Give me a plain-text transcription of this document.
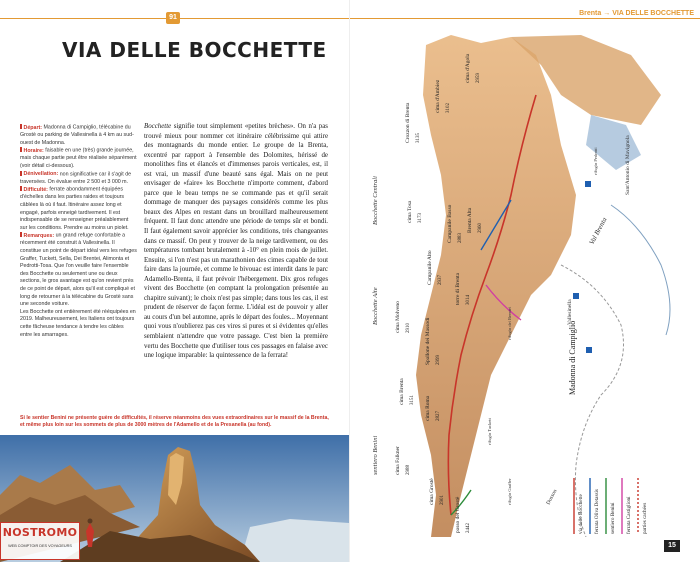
91
Brenta → VIA DELLE BOCCHETTE
VIA DELLE BOCCHETTE

Départ: Madonna di Campiglio, télécabine du Grostè ou parking de Vallesinella à 4 km au sud-ouest de Madonna.

Horaire: faisable en une (très) grande journée, mais chaque partie peut être réalisée séparément (voir détail ci-dessous).

Dénivellation: non significative car il s'agit de traversées. On évalue entre 2 500 et 3 000 m.

Difficulté: ferrate abondamment équipées d'échelles dans les parties raides et toujours câblées là où il faut. Itinéraire assez long et engagé, parfois enneigé tardivement. Il est indispensable de se renseigner préalablement sur les conditions. Prendre au moins un piolet.

Remarques: un grand refuge confortable a récemment été construit à Vallesinella. Il constitue un point de départ idéal vers les refuges Graffer, Tuckett, Sella, Dei Brentei, Alimonta et Pedrotti-Tosa. Que l'on veuille faire l'ensemble des Bocchette ou seulement une ou deux sections, le gros avantage est qu'on revient près de ce point de départ, alors qu'il est compliqué et long de retourner à la télécabine du Grostè sans une seconde voiture.

Les Bocchette ont entièrement été rééquipées en 2019. Malheureusement, les Italiens ont toujours cette fâcheuse tendance à tendre les câbles entre les amarrages.

Bocchette signifie tout simplement «petites brèches». On n'a pas trouvé mieux pour nommer cet itinéraire célébrissime qui attire des montagnards du monde entier. Le groupe de la Brenta, excentré par rapport à l'ensemble des Dolomites, hérissé de monolithes fins et élancés et d'immenses parois verticales, est, il est vrai, un massif d'une beauté sans égal. Mais on ne peut envisager de «faire» les Bocchette n'importe comment, d'abord parce que le beau temps ne se commande pas et qu'il serait dommage de manquer des paysages considérés comme les plus beaux des Alpes en restant dans un brouillard malheureusement fréquent. Il faut donc attendre une période de temps sûr et bondi. Il faut également savoir apprécier les conditions, très changeantes dans ce massif. On peut y trouver de la neige tardivement, ou des températures tombant brutalement à -10° en plein mois de juillet. Ensuite, si l'on n'est pas un marathonien des cimes capable de tout faire dans la journée, et comme le bivouac est interdit dans le parc Adamello-Brenta, il faut prévoir l'hébergement. Dix gros refuges vivent des Bocchette (en comptant la prolongation présentée au chapitre suivant); le choix n'est pas simple; dans tous les cas, il est prudent de réserver de façon ferme. L'idéal est de pouvoir y aller au cours d'un bel automne, après le départ des foules... Moyennant quoi vous n'oublierez pas ces vires si pures et si évidentes qu'elles semblaient n'attendre que votre passage. C'est bien la première vertu des Bocchette que d'utiliser tous ces passages en falaise avec une logique imparable: la quintessence de la ferrata!
Si le sentier Benini ne présente guère de difficultés, il réserve néanmoins des vues extraordinaires sur le massif de la Brenta, et même plus loin sur les sommets de plus de 3000 mètres de l'Adamello et de la Presanella (au fond).
NOSTROMO
WEB COMPTOIR DES VOYAGEURS
Crozzon di Brenta 3135
cima d'Ambiez 3102
cima d'Agola 2959
cima Tosa 3173	Campanile Basso 2883
Brenta Alta 2960
Campanile Alto 2937 torre di Brenta 3014
cima Molveno 2910	Spallone dei Massodi 2999
cima Brenta 3151 cima Roma 2827
cima Falkner 2988
cima Grostè 2901 passo del Grostè 2442
Bocchette Alte
Bocchette Centrali
sentiero Benini
Val Brenta
Vallesinella
Madonna di Campiglio
Dosson
Sant'Antonio di Mavignola
rifugio Pedrotti
rifugio dei Brentei
rifugio Tuckett
rifugio Graffer
via delle Bocchette ferrata Oliva Detassis sentiero Benini ferrata Castiglioni parties cachées
15
